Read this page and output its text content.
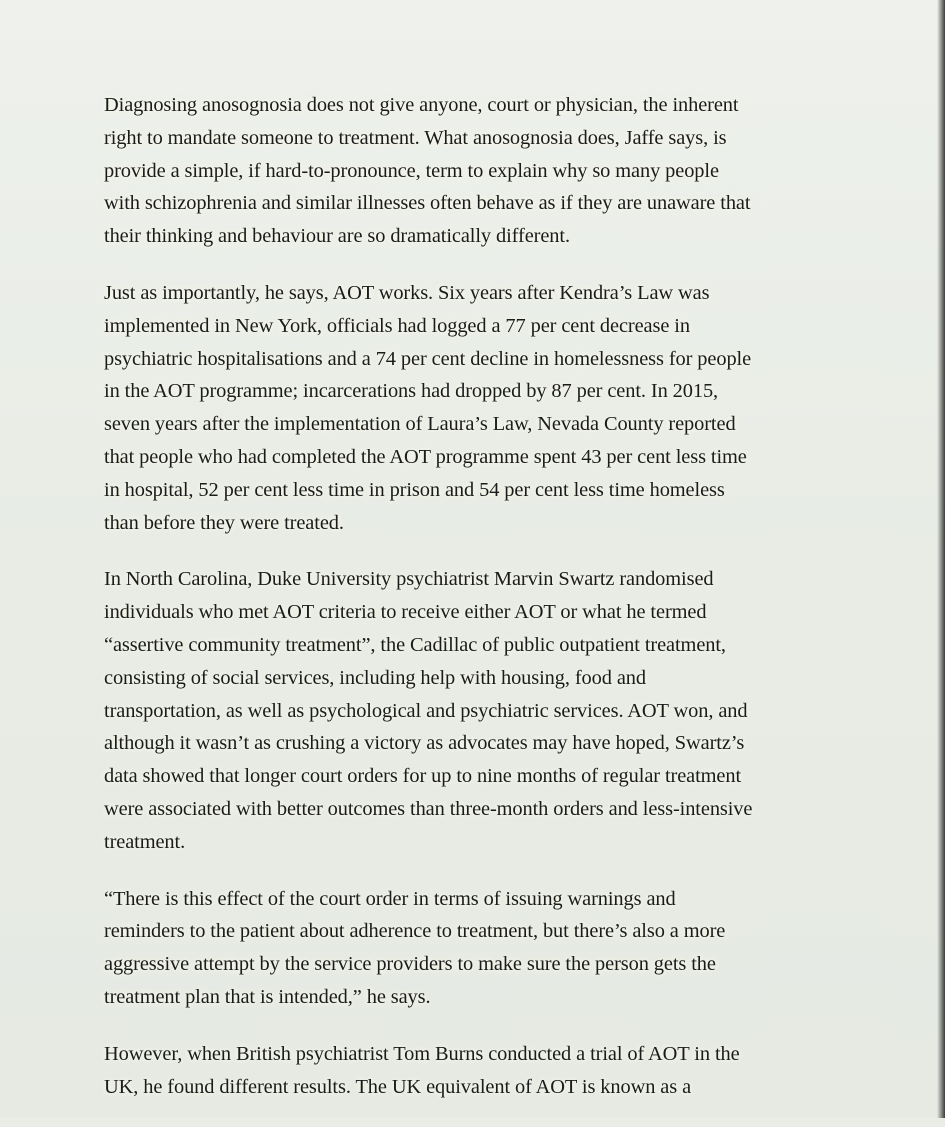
Diagnosing anosognosia does not give anyone, court or physician, the inherent
right to mandate someone to treatment. What anosognosia does, Jaffe says, is
provide a simple, if hard-to-pronounce, term to explain why so many people
with schizophrenia and similar illnesses often behave as if they are unaware that
their thinking and behaviour are so dramatically different.

Just as importantly, he says, AOT works. Six years after Kendra’s Law was
implemented in New York, officials had logged a 77 per cent decrease in
psychiatric hospitalisations and a 74 per cent decline in homelessness for people
in the AOT programme; incarcerations had dropped by 87 per cent. In 2015,
seven years after the implementation of Laura’s Law, Nevada County reported
that people who had completed the AOT programme spent 43 per cent less time
in hospital, 52 per cent less time in prison and 54 per cent less time homeless
than before they were treated.

In North Carolina, Duke University psychiatrist Marvin Swartz randomised
individuals who met AOT criteria to receive either AOT or what he termed
“assertive community treatment”, the Cadillac of public outpatient treatment,
consisting of social services, including help with housing, food and
transportation, as well as psychological and psychiatric services. AOT won, and
although it wasn’t as crushing a victory as advocates may have hoped, Swartz’s
data showed that longer court orders for up to nine months of regular treatment
were associated with better outcomes than three-month orders and less-intensive
treatment.

“There is this effect of the court order in terms of issuing warnings and
reminders to the patient about adherence to treatment, but there’s also a more
aggressive attempt by the service providers to make sure the person gets the
treatment plan that is intended,” he says.

However, when British psychiatrist Tom Burns conducted a trial of AOT in the
UK, he found different results. The UK equivalent of AOT is known as a
